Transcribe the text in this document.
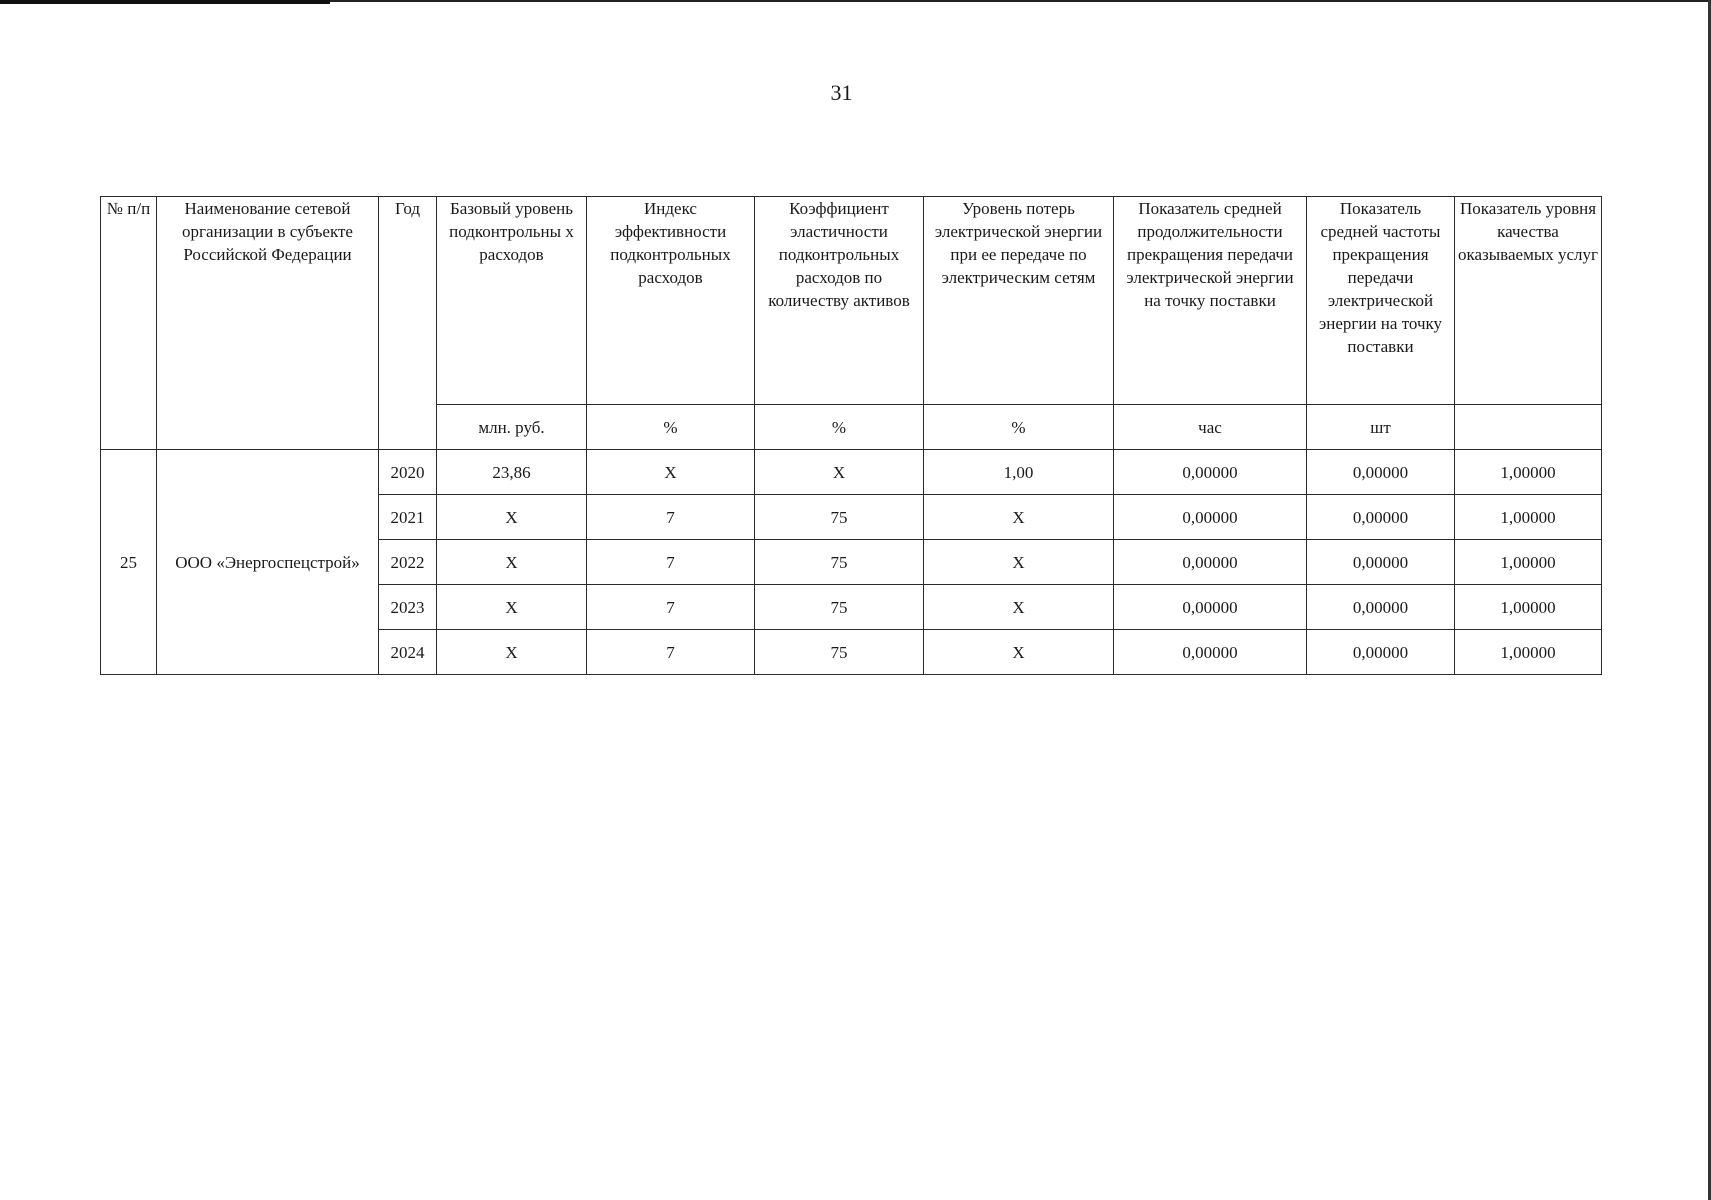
31
№ п/п	Наименование сетевой организации в субъекте Российской Федерации	Год	Базовый уровень подконтрольны х расходов	Индекс эффективности подконтрольных расходов	Коэффициент эластичности подконтрольных расходов по количеству активов	Уровень потерь электрической энергии при ее передаче по электрическим сетям	Показатель средней продолжительности прекращения передачи электрической энергии на точку поставки	Показатель средней частоты прекращения передачи электрической энергии на точку поставки	Показатель уровня качества оказываемых услуг
			млн. руб.	%	%	%	час	шт	
25	ООО «Энергоспецстрой»	2020	23,86	X	X	1,00	0,00000	0,00000	1,00000
		2021	X	7	75	X	0,00000	0,00000	1,00000
		2022	X	7	75	X	0,00000	0,00000	1,00000
		2023	X	7	75	X	0,00000	0,00000	1,00000
		2024	X	7	75	X	0,00000	0,00000	1,00000
